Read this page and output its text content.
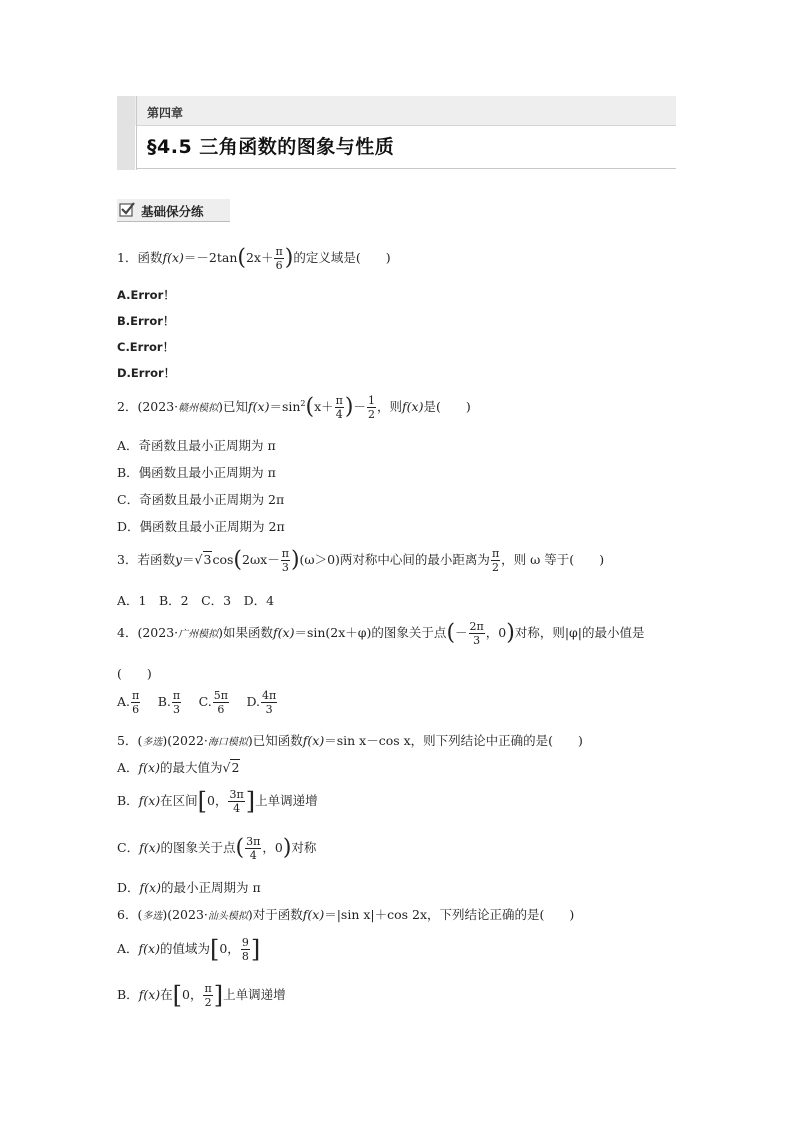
第四章
§4.5 三角函数的图象与性质
基础保分练
1．函数$f(x)=-2\tan(2x+ \frac{\pi}{6}$ )的定义域是(　　)
A.Error！
B.Error！
C.Error！
D.Error！
2．(2023·赣州模拟)已知$f(x)=\sin^2(x+ \frac{\pi}{4}$ )－ $\frac{1}{2}$ ，则f(x)是(　　)
A．奇函数且最小正周期为 π
B．偶函数且最小正周期为 π
C．奇函数且最小正周期为 2π
D．偶函数且最小正周期为 2π
3．若函数$y=√3\cos(2\omega x- \frac{\pi}{3} )(\omega>0)$两对称中心间的最小距离为 $\frac{\pi}{2}$ ，则 ω 等于(　　)
A．1　B．2　C．3　D．4
4．(2023·广州模拟)如果函数f(x)＝sin(2x＋φ)的图象关于点(－ $\frac{2\pi}{3}$ ，0)对称，则|φ|的最小值是
(　　)
A. $\frac{\pi}{6}$
　 B. $\frac{\pi}{3}$
　 C. $\frac{5\pi}{6}$
　 D. $\frac{4\pi}{3}$
5．(多选)(2022·海口模拟)已知函数f(x)＝sin x－cos x，则下列结论中正确的是(　　)
A．f(x)的最大值为√2
B．f(x)在区间[0， $\frac{3\pi}{4}$ ]上单调递增
C．f(x)的图象关于点( $\frac{3\pi}{4}$ ，0)对称
D．f(x)的最小正周期为 π
6．(多选)(2023·汕头模拟)对于函数f(x)＝|sin x|＋cos 2x，下列结论正确的是(　　)
A．f(x)的值域为[0， $\frac{9}{8}$ ]
B．f(x)在[0， $\frac{\pi}{2}$ ]上单调递增
